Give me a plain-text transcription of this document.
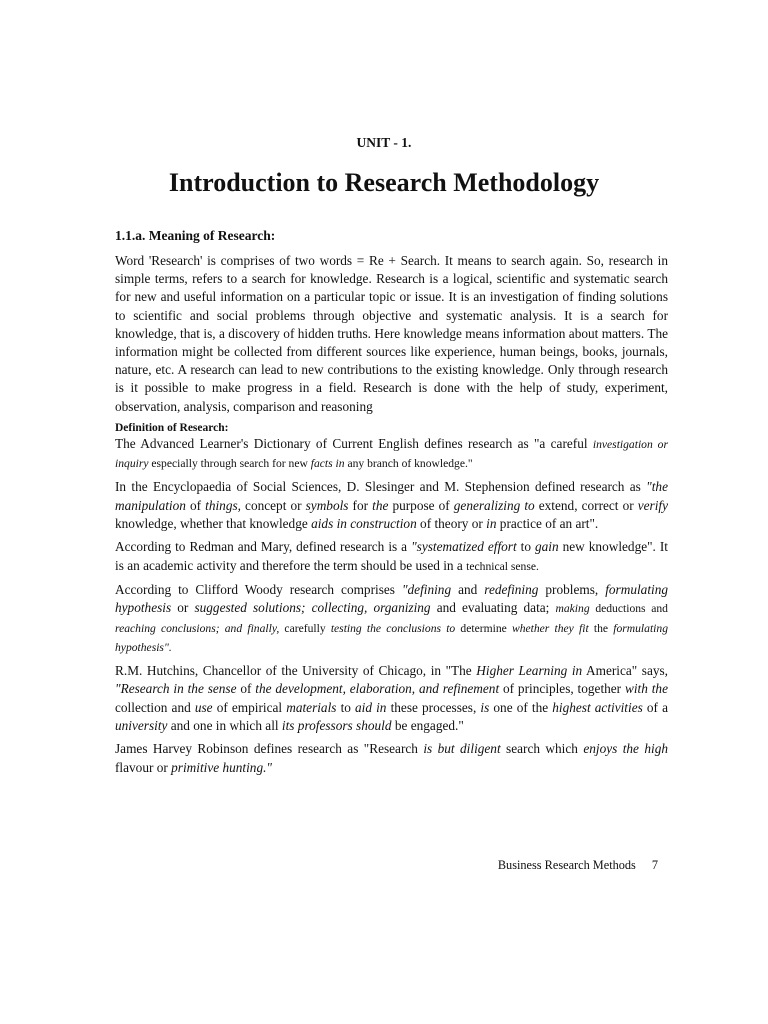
UNIT - 1.
Introduction to Research Methodology
1.1.a. Meaning of Research:

Word 'Research' is comprises of two words = Re + Search. It means to search again. So, research in simple terms, refers to a search for knowledge. Research is a logical, scientific and systematic search for new and useful information on a particular topic or issue. It is an investigation of finding solutions to scientific and social problems through objective and systematic analysis. It is a search for knowledge, that is, a discovery of hidden truths. Here knowledge means information about matters. The information might be collected from different sources like experience, human beings, books, journals, nature, etc. A research can lead to new contributions to the existing knowledge. Only through research is it possible to make progress in a field. Research is done with the help of study, experiment, observation, analysis, comparison and reasoning

Definition of Research:

The Advanced Learner's Dictionary of Current English defines research as "a careful investigation or inquiry especially through search for new facts in any branch of knowledge."

In the Encyclopaedia of Social Sciences, D. Slesinger and M. Stephension defined research as "the manipulation of things, concept or symbols for the purpose of generalizing to extend, correct or verify knowledge, whether that knowledge aids in construction of theory or in practice of an art".

According to Redman and Mary, defined research is a "systematized effort to gain new knowledge". It is an academic activity and therefore the term should be used in a technical sense.

According to Clifford Woody research comprises "defining and redefining problems, formulating hypothesis or suggested solutions; collecting, organizing and evaluating data; making deductions and reaching conclusions; and finally, carefully testing the conclusions to determine whether they fit the formulating hypothesis".

R.M. Hutchins, Chancellor of the University of Chicago, in "The Higher Learning in America" says, "Research in the sense of the development, elaboration, and refinement of principles, together with the collection and use of empirical materials to aid in these processes, is one of the highest activities of a university and one in which all its professors should be engaged."

James Harvey Robinson defines research as "Research is but diligent search which enjoys the high flavour or primitive hunting."

Business Research Methods 7
